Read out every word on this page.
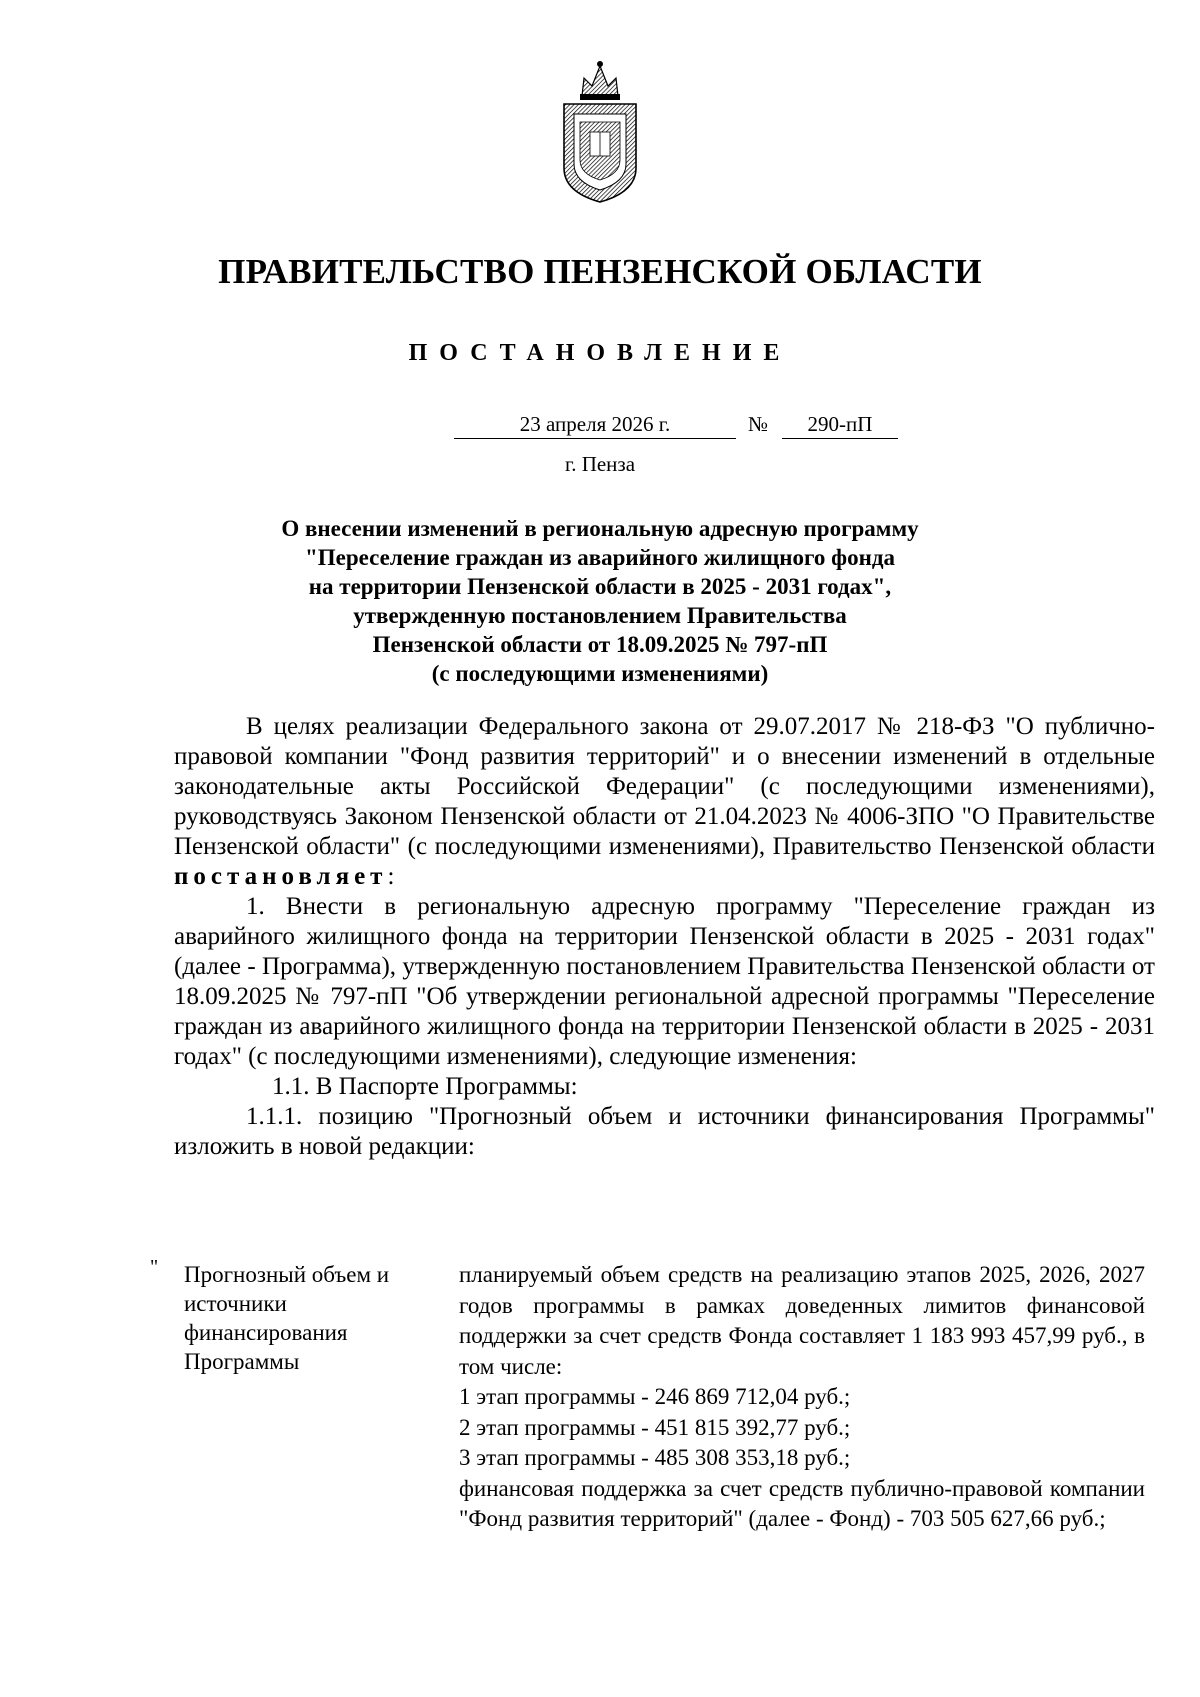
ПРАВИТЕЛЬСТВО ПЕНЗЕНСКОЙ ОБЛАСТИ
ПОСТАНОВЛЕНИЕ
23 апреля 2026 г.	№	290-пП
г. Пенза
О внесении изменений в региональную адресную программу
"Переселение граждан из аварийного жилищного фонда
на территории Пензенской области в 2025 - 2031 годах",
утвержденную постановлением Правительства
Пензенской области от 18.09.2025 № 797-пП
(с последующими изменениями)

В целях реализации Федерального закона от 29.07.2017 № 218-ФЗ "О публично-правовой компании "Фонд развития территорий" и о внесении изменений в отдельные законодательные акты Российской Федерации" (с последующими изменениями), руководствуясь Законом Пензенской области от 21.04.2023 № 4006-ЗПО "О Правительстве Пензенской области" (с последующими изменениями), Правительство Пензенской области постановляет:

1. Внести в региональную адресную программу "Переселение граждан из аварийного жилищного фонда на территории Пензенской области в 2025 - 2031 годах" (далее - Программа), утвержденную постановлением Правительства Пензенской области от 18.09.2025 № 797-пП "Об утверждении региональной адресной программы "Переселение граждан из аварийного жилищного фонда на территории Пензенской области в 2025 - 2031 годах" (с последующими изменениями), следующие изменения:

1.1. В Паспорте Программы:

1.1.1. позицию "Прогнозный объем и источники финансирования Программы" изложить в новой редакции:

" Прогнозный объем и источники финансирования Программы
планируемый объем средств на реализацию этапов 2025, 2026, 2027 годов программы в рамках доведенных лимитов финансовой поддержки за счет средств Фонда составляет 1 183 993 457,99 руб., в том числе:
1 этап программы - 246 869 712,04 руб.;
2 этап программы - 451 815 392,77 руб.;
3 этап программы - 485 308 353,18 руб.;
финансовая поддержка за счет средств публично-правовой компании "Фонд развития территорий" (далее - Фонд) - 703 505 627,66 руб.;
